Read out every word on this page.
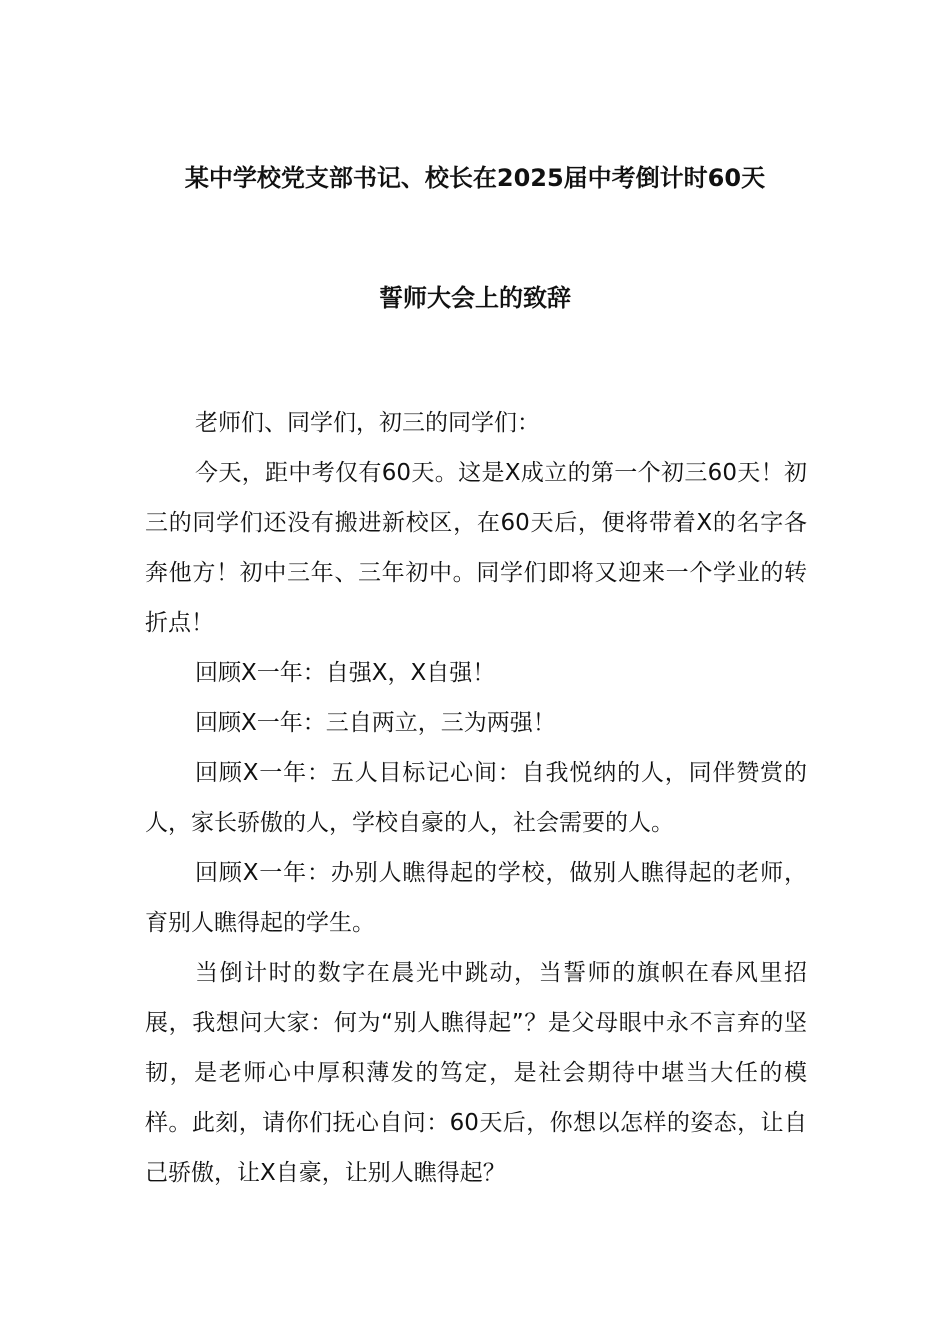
某中学校党支部书记、校长在2025届中考倒计时60天
誓师大会上的致辞

老师们、同学们，初三的同学们：

今天，距中考仅有60天。这是X成立的第一个初三60天！初三的同学们还没有搬进新校区，在60天后，便将带着X的名字各奔他方！初中三年、三年初中。同学们即将又迎来一个学业的转折点！

回顾X一年：自强X，X自强！

回顾X一年：三自两立，三为两强！

回顾X一年：五人目标记心间：自我悦纳的人，同伴赞赏的人，家长骄傲的人，学校自豪的人，社会需要的人。

回顾X一年：办别人瞧得起的学校，做别人瞧得起的老师，育别人瞧得起的学生。

当倒计时的数字在晨光中跳动，当誓师的旗帜在春风里招展，我想问大家：何为“别人瞧得起”？是父母眼中永不言弃的坚韧，是老师心中厚积薄发的笃定，是社会期待中堪当大任的模样。此刻，请你们抚心自问：60天后，你想以怎样的姿态，让自己骄傲，让X自豪，让别人瞧得起？
